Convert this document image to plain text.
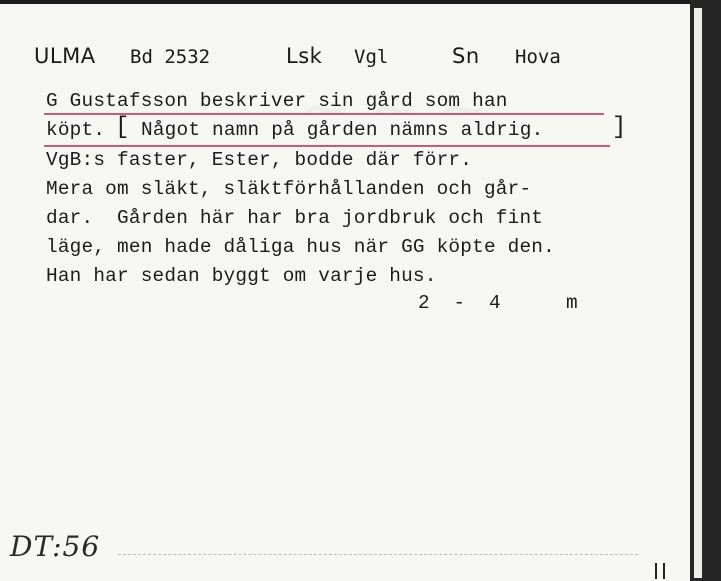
ULMA Bd 2532	Lsk Vgl	Sn Hova
G Gustafsson beskriver sin gård som han
köpt. [ Något namn på gården nämns aldrig.	]
VgB:s faster, Ester, bodde där förr.
Mera om släkt, släktförhållanden och går-
dar.  Gården här har bra jordbruk och fint
läge, men hade dåliga hus när GG köpte den.
Han har sedan byggt om varje hus.
2  -  4	m
DT:56
